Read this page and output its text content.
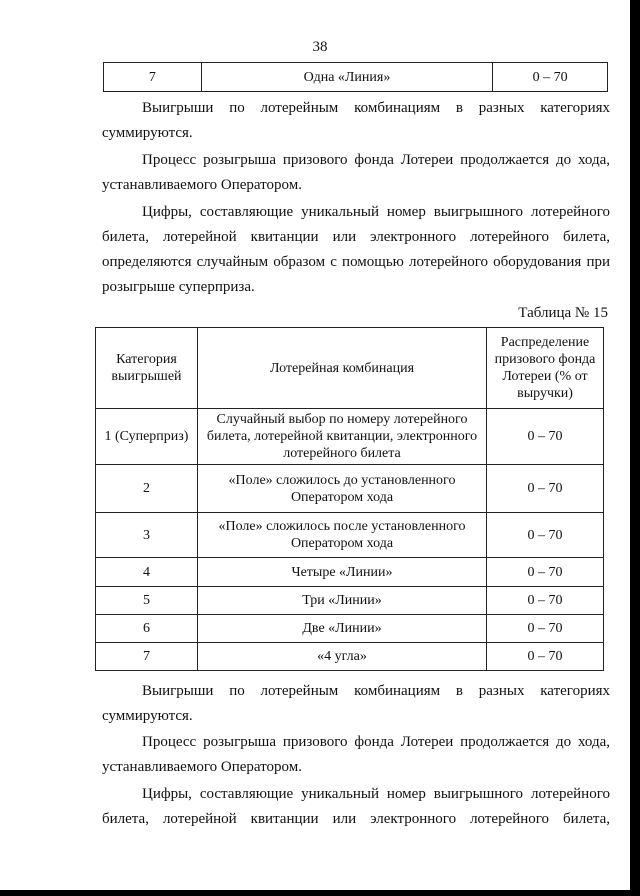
38
7	Одна «Линия»	0 – 70
Выигрыши по лотерейным комбинациям в разных категориях
суммируются.
Процесс розыгрыша призового фонда Лотереи продолжается до хода,
устанавливаемого Оператором.
Цифры, составляющие уникальный номер выигрышного лотерейного
билета, лотерейной квитанции или электронного лотерейного билета,
определяются случайным образом с помощью лотерейного оборудования при
розыгрыше суперприза.
Таблица № 15
Категория выигрышей	Лотерейная комбинация	Распределение призового фонда Лотереи (% от выручки)
1 (Суперприз)	Случайный выбор по номеру лотерейного билета, лотерейной квитанции, электронного лотерейного билета	0 – 70
2	«Поле» сложилось до установленного Оператором хода	0 – 70
3	«Поле» сложилось после установленного Оператором хода	0 – 70
4	Четыре «Линии»	0 – 70
5	Три «Линии»	0 – 70
6	Две «Линии»	0 – 70
7	«4 угла»	0 – 70
Выигрыши по лотерейным комбинациям в разных категориях
суммируются.
Процесс розыгрыша призового фонда Лотереи продолжается до хода,
устанавливаемого Оператором.
Цифры, составляющие уникальный номер выигрышного лотерейного
билета, лотерейной квитанции или электронного лотерейного билета,
